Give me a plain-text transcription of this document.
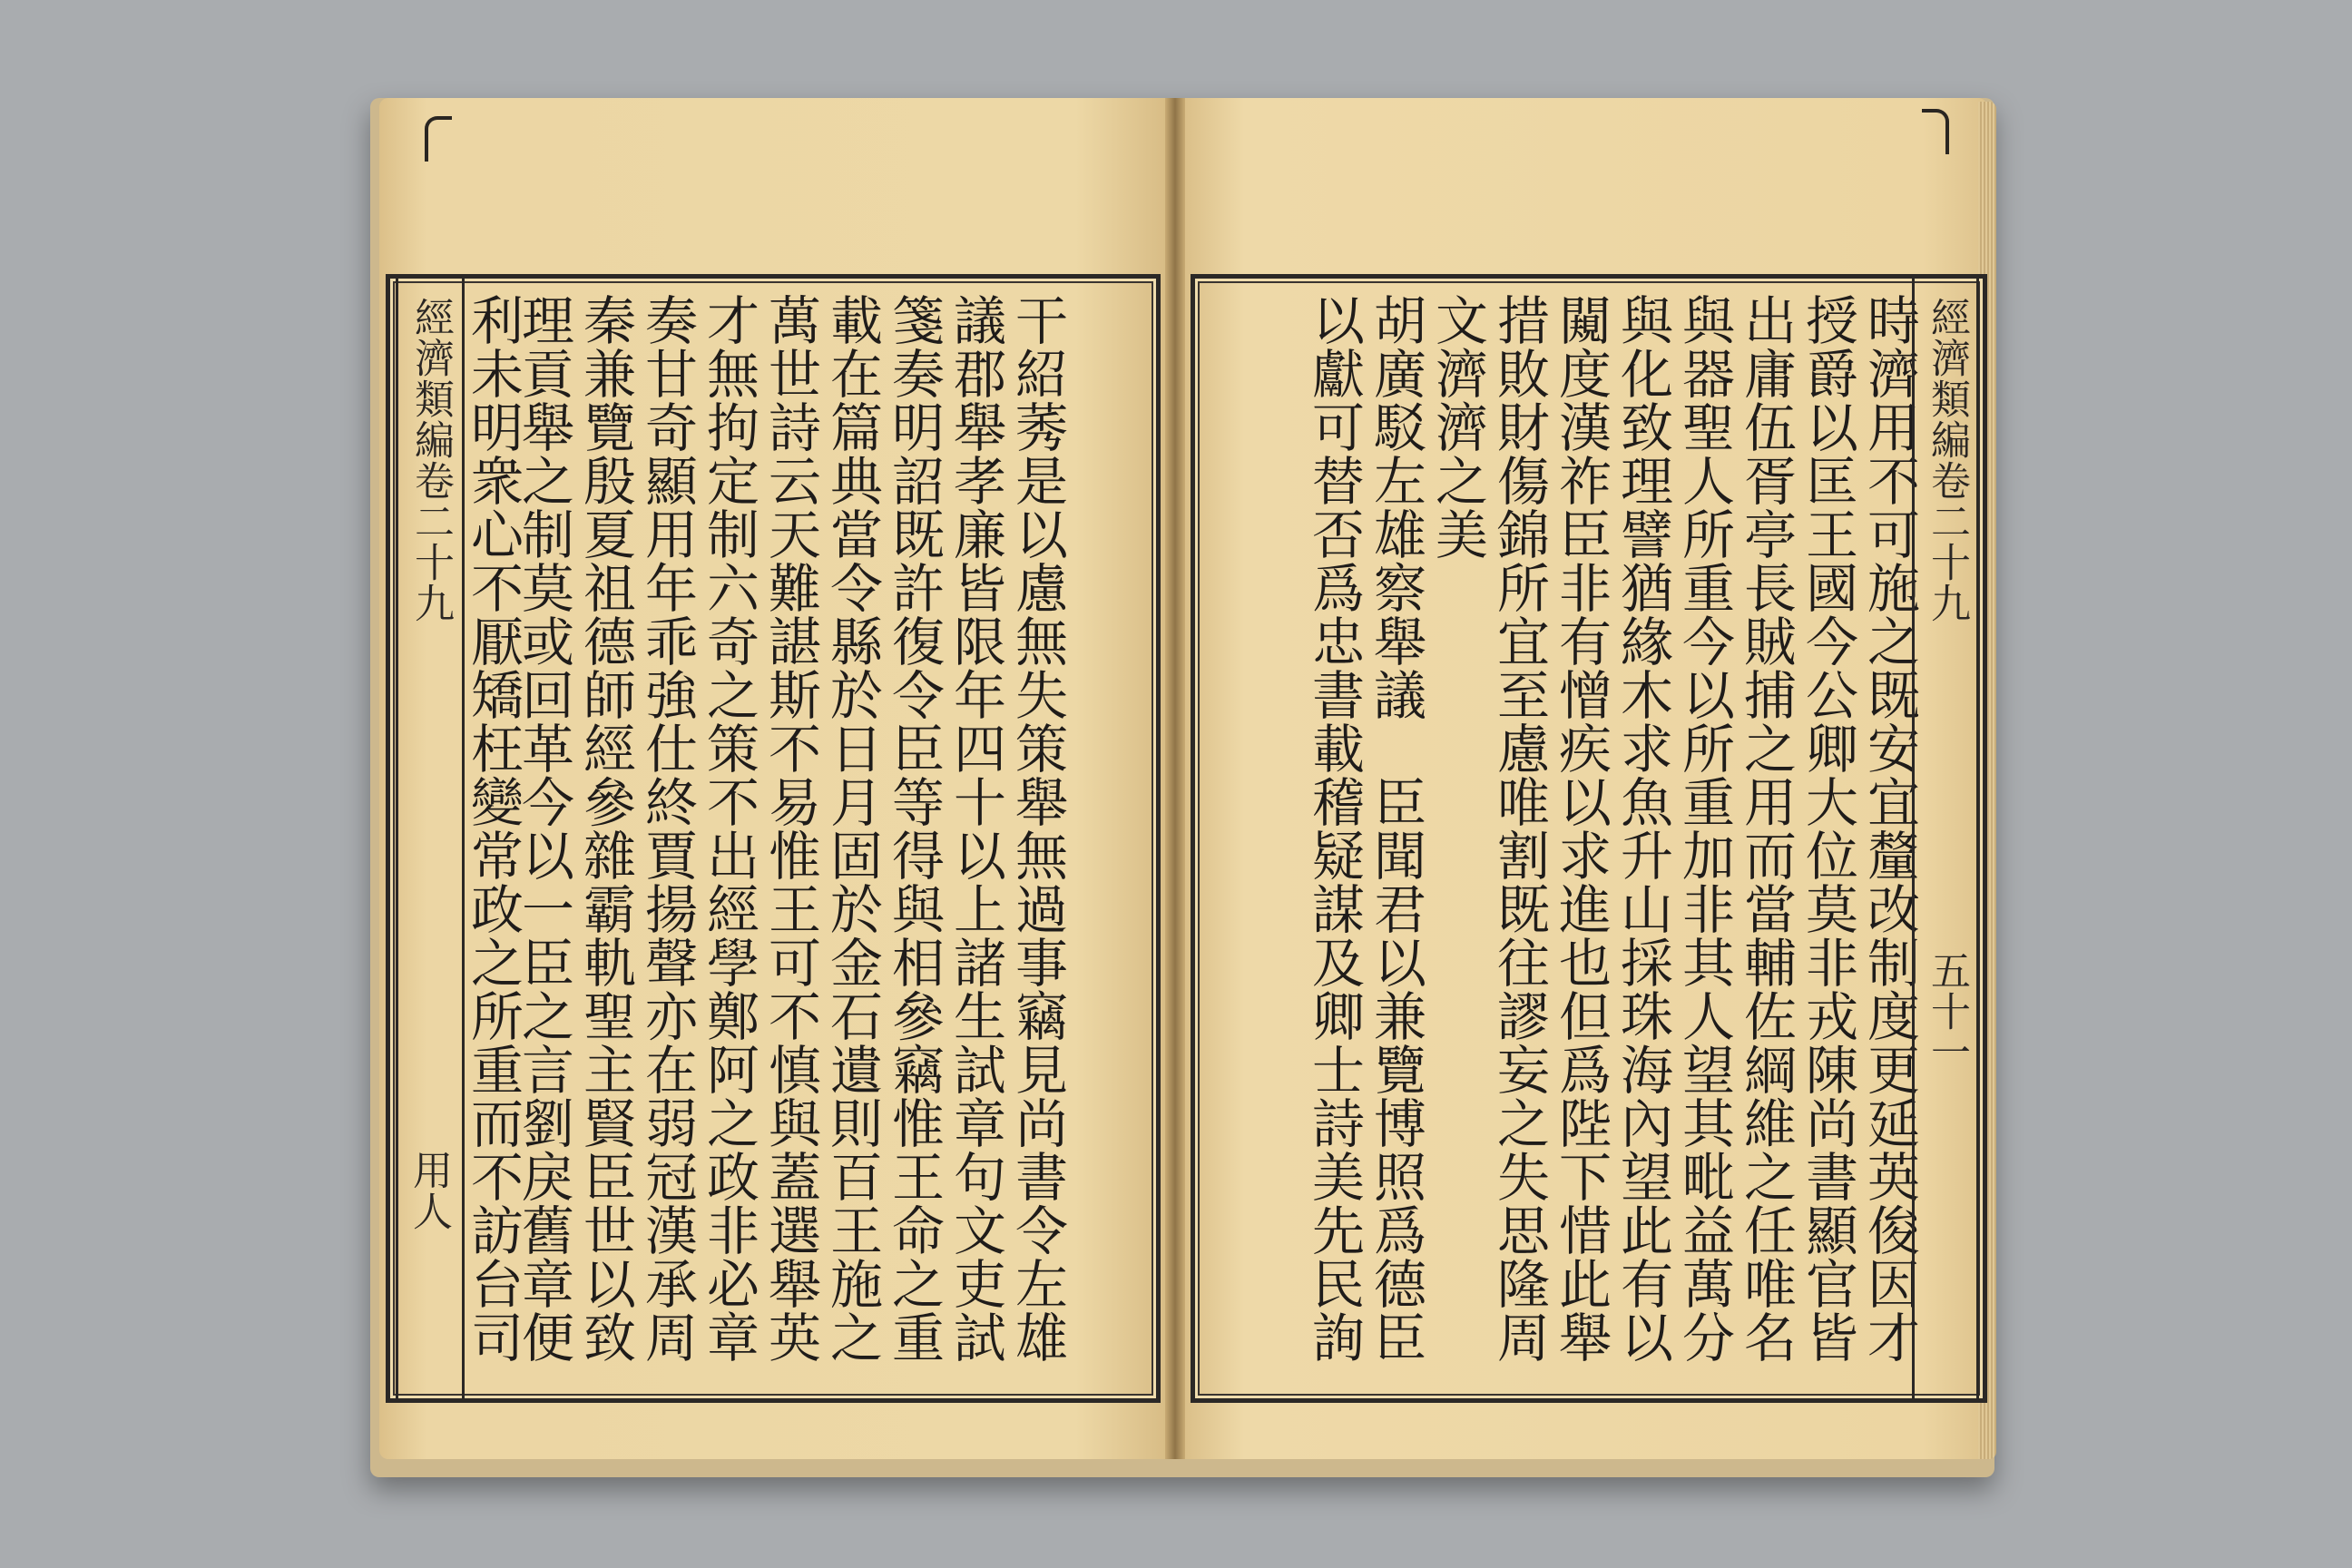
經濟類編卷二十九
用人	干紹莠是以慮無失策舉無過事竊見尚書令左雄
議郡舉孝廉皆限年四十以上諸生試章句文吏試
箋奏明詔既許復令臣等得與相參竊惟王命之重
載在篇典當令縣於日月固於金石遺則百王施之
萬世詩云天難諶斯不易惟王可不慎與蓋選舉英
才無拘定制六奇之策不出經學鄭阿之政非必章
奏甘奇顯用年乖強仕終賈揚聲亦在弱冠漢承周
秦兼覽殷夏祖德師經參雜霸軌聖主賢臣世以致
理貢舉之制莫或回革今以一臣之言劉戾舊章便
利未明衆心不厭矯枉變常政之所重而不訪台司	時濟用不可施之既安宜釐改制度更延英俊因才
授爵以匡王國今公卿大位莫非戎陳尚書顯官皆
出庸伍胥亭長賊捕之用而當輔佐綱維之任唯名
與器聖人所重今以所重加非其人望其毗益萬分
與化致理譬猶緣木求魚升山採珠海內望此有以
闚度漢祚臣非有憎疾以求進也但爲陛下惜此舉
措敗財傷錦所宜至慮唯割既往謬妄之失思隆周
文濟濟之美
胡廣駁左雄察舉議　臣聞君以兼覽博照爲德臣
以獻可替否爲忠書載稽疑謀及卿士詩美先民詢	經濟類編卷二十九
五十一
